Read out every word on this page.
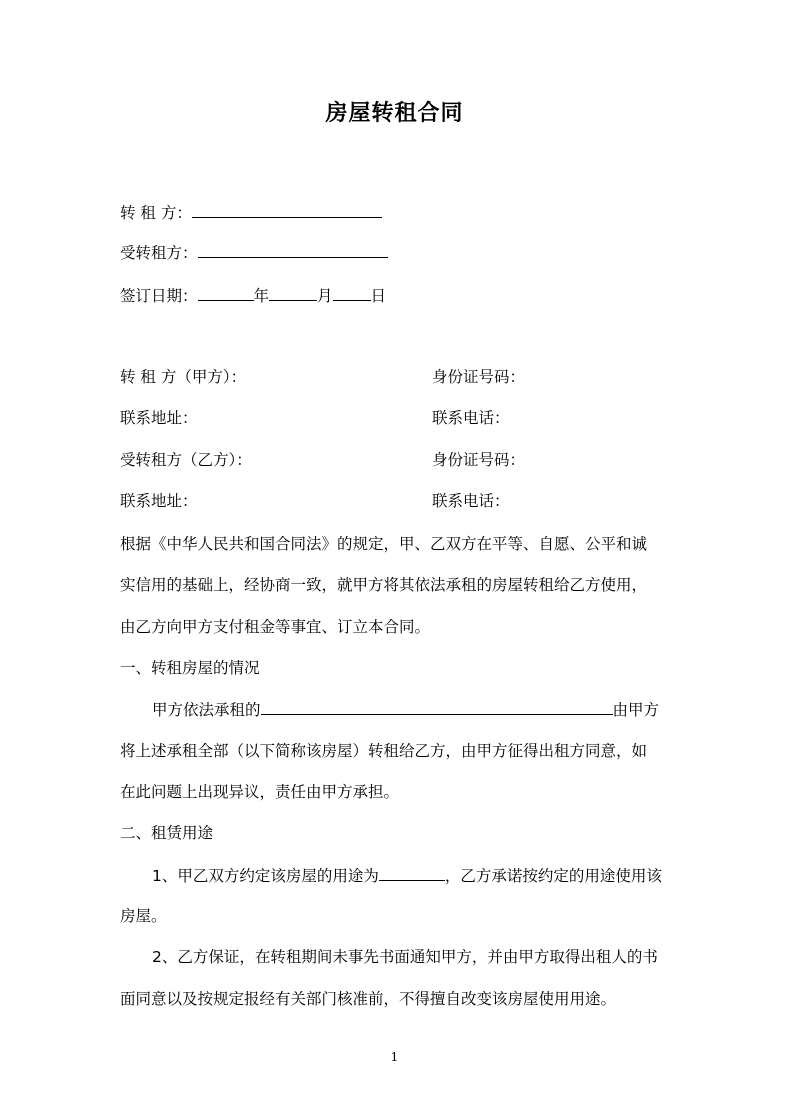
房屋转租合同
转 租 方：
受转租方：
签订日期：	年	月 日
转 租 方（甲方）：	身份证号码：
联系地址：	联系电话：
受转租方（乙方）：	身份证号码：
联系地址：	联系电话：
根据《中华人民共和国合同法》的规定，甲、乙双方在平等、自愿、公平和诚
实信用的基础上，经协商一致，就甲方将其依法承租的房屋转租给乙方使用，
由乙方向甲方支付租金等事宜、订立本合同。
一、转租房屋的情况
甲方依法承租的	由甲方
将上述承租全部（以下简称该房屋）转租给乙方，由甲方征得出租方同意，如
在此问题上出现异议，责任由甲方承担。
二、租赁用途
1、甲乙双方约定该房屋的用途为	，乙方承诺按约定的用途使用该
房屋。
2、乙方保证，在转租期间未事先书面通知甲方，并由甲方取得出租人的书
面同意以及按规定报经有关部门核准前，不得擅自改变该房屋使用用途。
1
